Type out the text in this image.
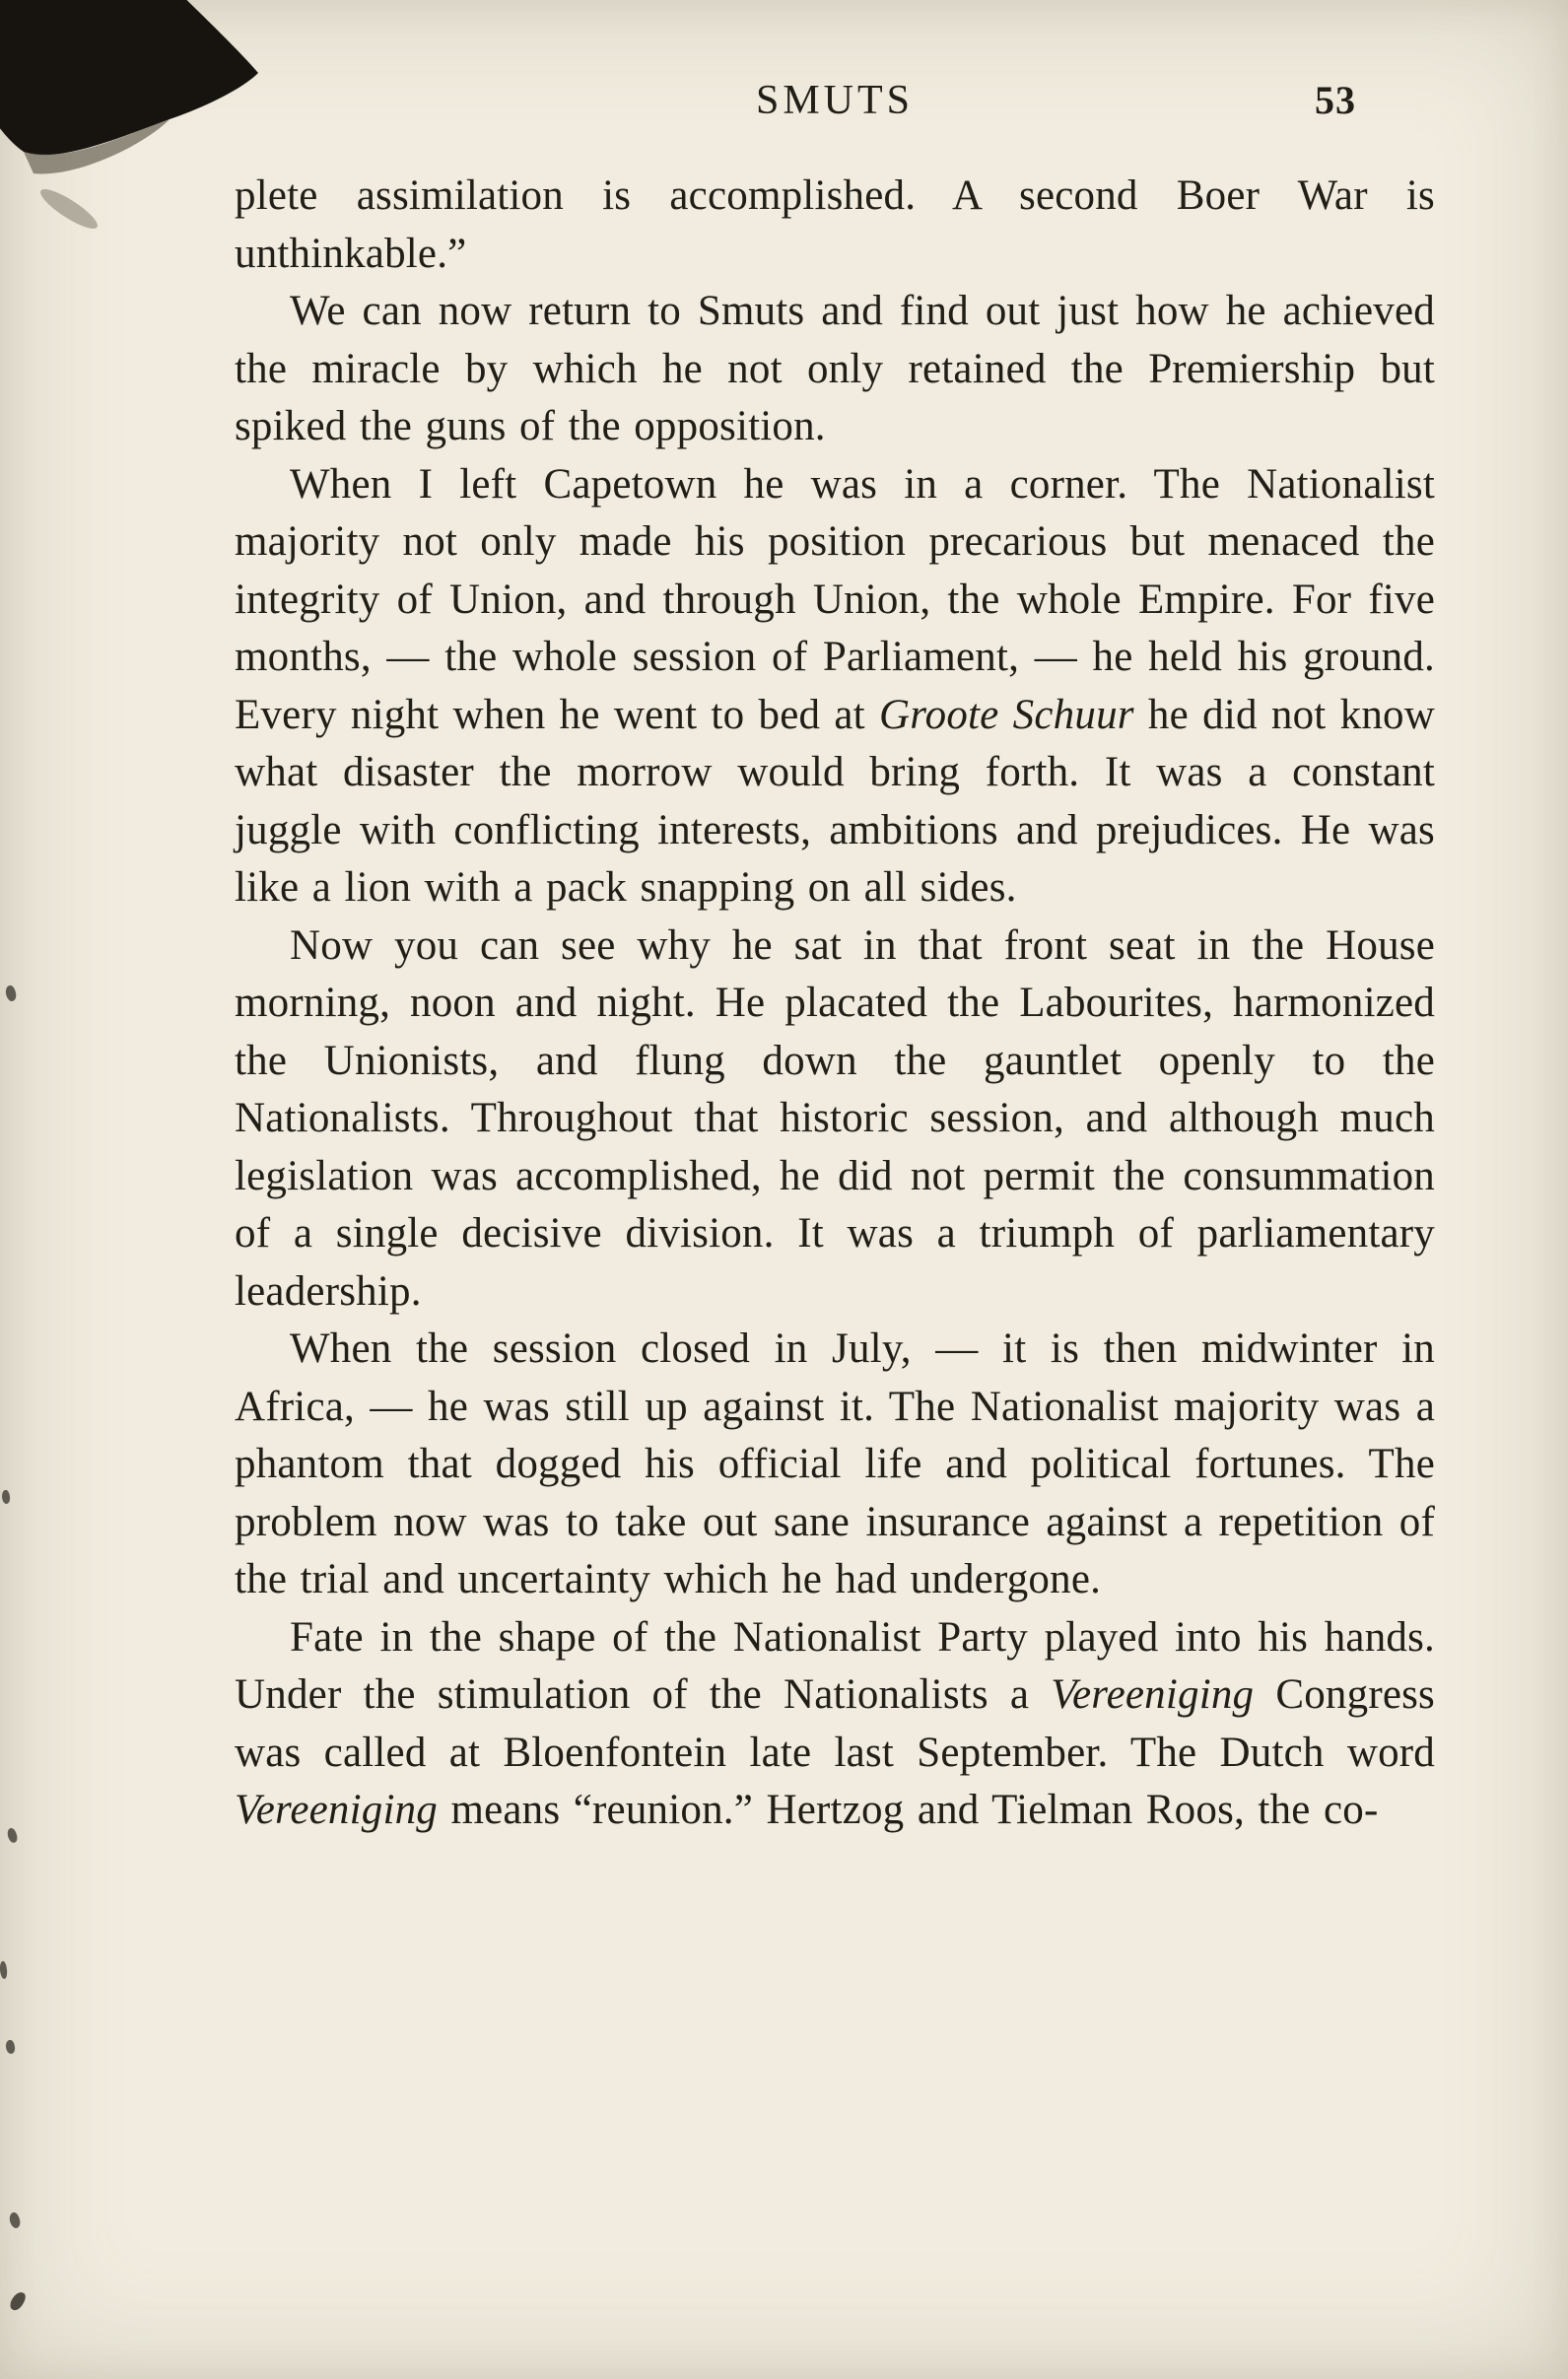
SMUTS	53

plete assimilation is accomplished. A second Boer War is unthinkable.”

We can now return to Smuts and find out just how he achieved the miracle by which he not only retained the Premiership but spiked the guns of the opposition.

When I left Capetown he was in a corner. The Nationalist majority not only made his position precarious but menaced the integrity of Union, and through Union, the whole Empire. For five months, — the whole session of Parliament, — he held his ground. Every night when he went to bed at Groote Schuur he did not know what disaster the morrow would bring forth. It was a constant juggle with conflicting interests, ambitions and prejudices. He was like a lion with a pack snapping on all sides.

Now you can see why he sat in that front seat in the House morning, noon and night. He placated the Labourites, harmonized the Unionists, and flung down the gauntlet openly to the Nationalists. Throughout that historic session, and although much legislation was accomplished, he did not permit the consummation of a single decisive division. It was a triumph of parliamentary leadership.

When the session closed in July, — it is then midwinter in Africa, — he was still up against it. The Nationalist majority was a phantom that dogged his official life and political fortunes. The problem now was to take out sane insurance against a repetition of the trial and uncertainty which he had undergone.

Fate in the shape of the Nationalist Party played into his hands. Under the stimulation of the Nationalists a Vereeniging Congress was called at Bloenfontein late last September. The Dutch word Vereeniging means “reunion.” Hertzog and Tielman Roos, the co-
